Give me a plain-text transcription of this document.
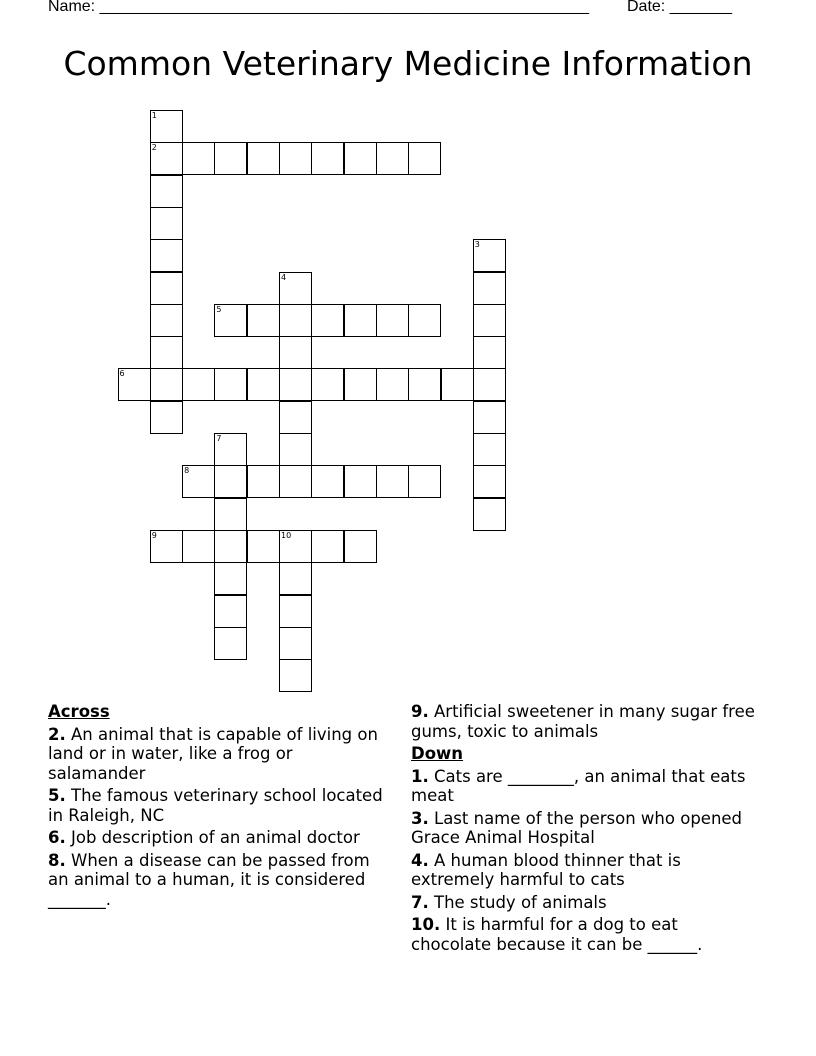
Name: _______________________________________________________ Date: _______
Common Veterinary Medicine Information
1
2
3
4
5
6
7
8
9	10
Across
2. An animal that is capable of living on land or in water, like a frog or salamander
5. The famous veterinary school located in Raleigh, NC
6. Job description of an animal doctor
8. When a disease can be passed from an animal to a human, it is considered _______.
9. Artificial sweetener in many sugar free gums, toxic to animals
Down
1. Cats are ________, an animal that eats meat
3. Last name of the person who opened Grace Animal Hospital
4. A human blood thinner that is extremely harmful to cats
7. The study of animals
10. It is harmful for a dog to eat chocolate because it can be ______.
